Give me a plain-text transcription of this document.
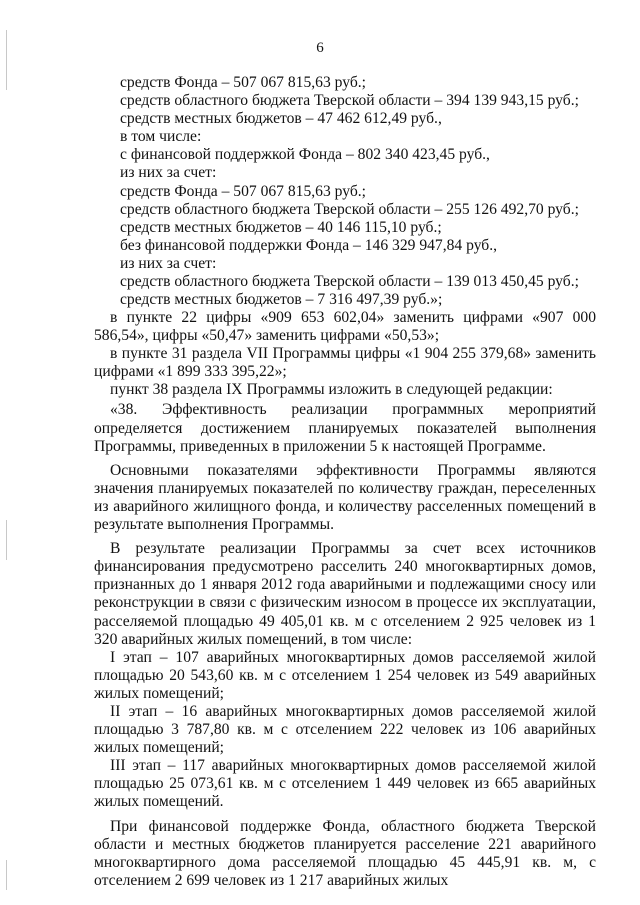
6

средств Фонда – 507 067 815,63 руб.;

средств областного бюджета Тверской области – 394 139 943,15 руб.;

средств местных бюджетов – 47 462 612,49 руб.,

в том числе:

с финансовой поддержкой Фонда – 802 340 423,45 руб.,

из них за счет:

средств Фонда – 507 067 815,63 руб.;

средств областного бюджета Тверской области – 255 126 492,70 руб.;

средств местных бюджетов – 40 146 115,10 руб.;

без финансовой поддержки Фонда – 146 329 947,84 руб.,

из них за счет:

средств областного бюджета Тверской области – 139 013 450,45 руб.;

средств местных бюджетов – 7 316 497,39 руб.»;

в пункте 22 цифры «909 653 602,04» заменить цифрами «907 000 586,54», цифры «50,47» заменить цифрами «50,53»;

в пункте 31 раздела VII Программы цифры «1 904 255 379,68» заменить цифрами «1 899 333 395,22»;

пункт 38 раздела IX Программы изложить в следующей редакции:

«38. Эффективность реализации программных мероприятий определяется достижением планируемых показателей выполнения Программы, приведенных в приложении 5 к настоящей Программе.

Основными показателями эффективности Программы являются значения планируемых показателей по количеству граждан, переселенных из аварийного жилищного фонда, и количеству расселенных помещений в результате выполнения Программы.

В результате реализации Программы за счет всех источников финансирования предусмотрено расселить 240 многоквартирных домов, признанных до 1 января 2012 года аварийными и подлежащими сносу или реконструкции в связи с физическим износом в процессе их эксплуатации, расселяемой площадью 49 405,01 кв. м с отселением 2 925 человек из 1 320 аварийных жилых помещений, в том числе:

I этап – 107 аварийных многоквартирных домов расселяемой жилой площадью 20 543,60 кв. м с отселением 1 254 человек из 549 аварийных жилых помещений;

II этап – 16 аварийных многоквартирных домов расселяемой жилой площадью 3 787,80 кв. м с отселением 222 человек из 106 аварийных жилых помещений;

III этап – 117 аварийных многоквартирных домов расселяемой жилой площадью 25 073,61 кв. м с отселением 1 449 человек из 665 аварийных жилых помещений.

При финансовой поддержке Фонда, областного бюджета Тверской области и местных бюджетов планируется расселение 221 аварийного многоквартирного дома расселяемой площадью 45 445,91 кв. м, с отселением 2 699 человек из 1 217 аварийных жилых
